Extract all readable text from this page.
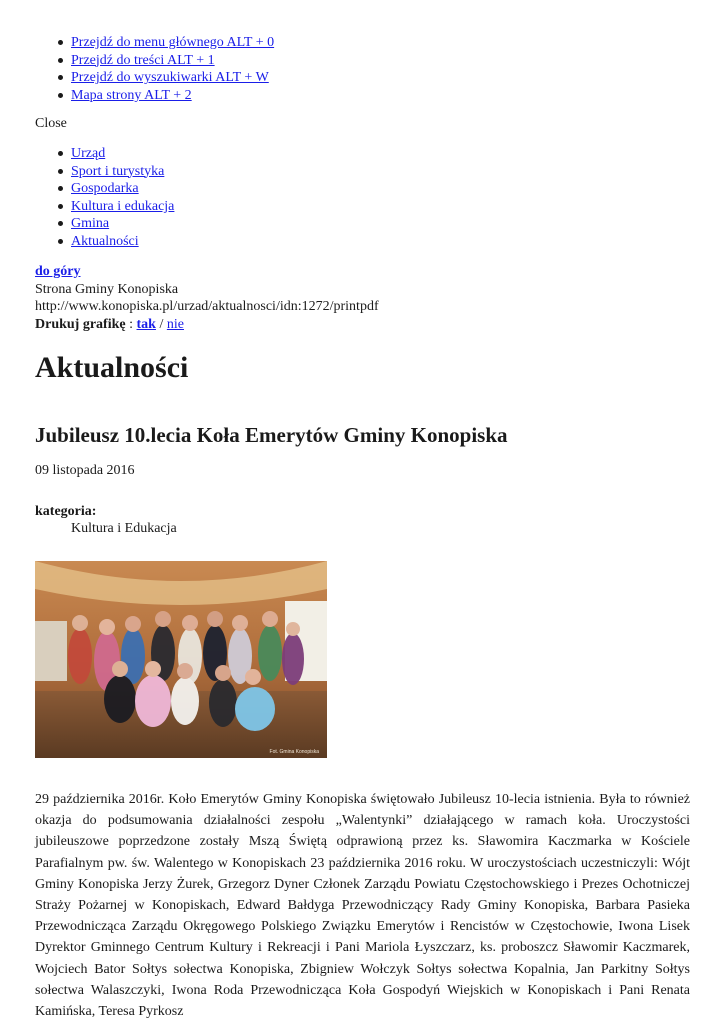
Przejdź do menu głównego ALT + 0
Przejdź do treści ALT + 1
Przejdź do wyszukiwarki ALT + W
Mapa strony ALT + 2
Close
Urząd
Sport i turystyka
Gospodarka
Kultura i edukacja
Gmina
Aktualności
do góry
Strona Gminy Konopiska
http://www.konopiska.pl/urzad/aktualnosci/idn:1272/printpdf
Drukuj grafikę : tak / nie
Aktualności
Jubileusz 10.lecia Koła Emerytów Gminy Konopiska
09 listopada 2016
kategoria:
Kultura i Edukacja
Fot. Gmina Konopiska

29 października 2016r. Koło Emerytów Gminy Konopiska świętowało Jubileusz 10-lecia istnienia. Była to również okazja do podsumowania działalności zespołu „Walentynki” działającego w ramach koła. Uroczystości jubileuszowe poprzedzone zostały Mszą Świętą odprawioną przez ks. Sławomira Kaczmarka w Kościele Parafialnym pw. św. Walentego w Konopiskach 23 października 2016 roku. W uroczystościach uczestniczyli: Wójt Gminy Konopiska Jerzy Żurek, Grzegorz Dyner Członek Zarządu Powiatu Częstochowskiego i Prezes Ochotniczej Straży Pożarnej w Konopiskach, Edward Bałdyga Przewodniczący Rady Gminy Konopiska, Barbara Pasieka Przewodnicząca Zarządu Okręgowego Polskiego Związku Emerytów i Rencistów w Częstochowie, Iwona Lisek Dyrektor Gminnego Centrum Kultury i Rekreacji i Pani Mariola Łyszczarz, ks. proboszcz Sławomir Kaczmarek, Wojciech Bator Sołtys sołectwa Konopiska, Zbigniew Wołczyk Sołtys sołectwa Kopalnia, Jan Parkitny Sołtys sołectwa Walaszczyki, Iwona Roda Przewodnicząca Koła Gospodyń Wiejskich w Konopiskach i Pani Renata Kamińska, Teresa Pyrkosz
